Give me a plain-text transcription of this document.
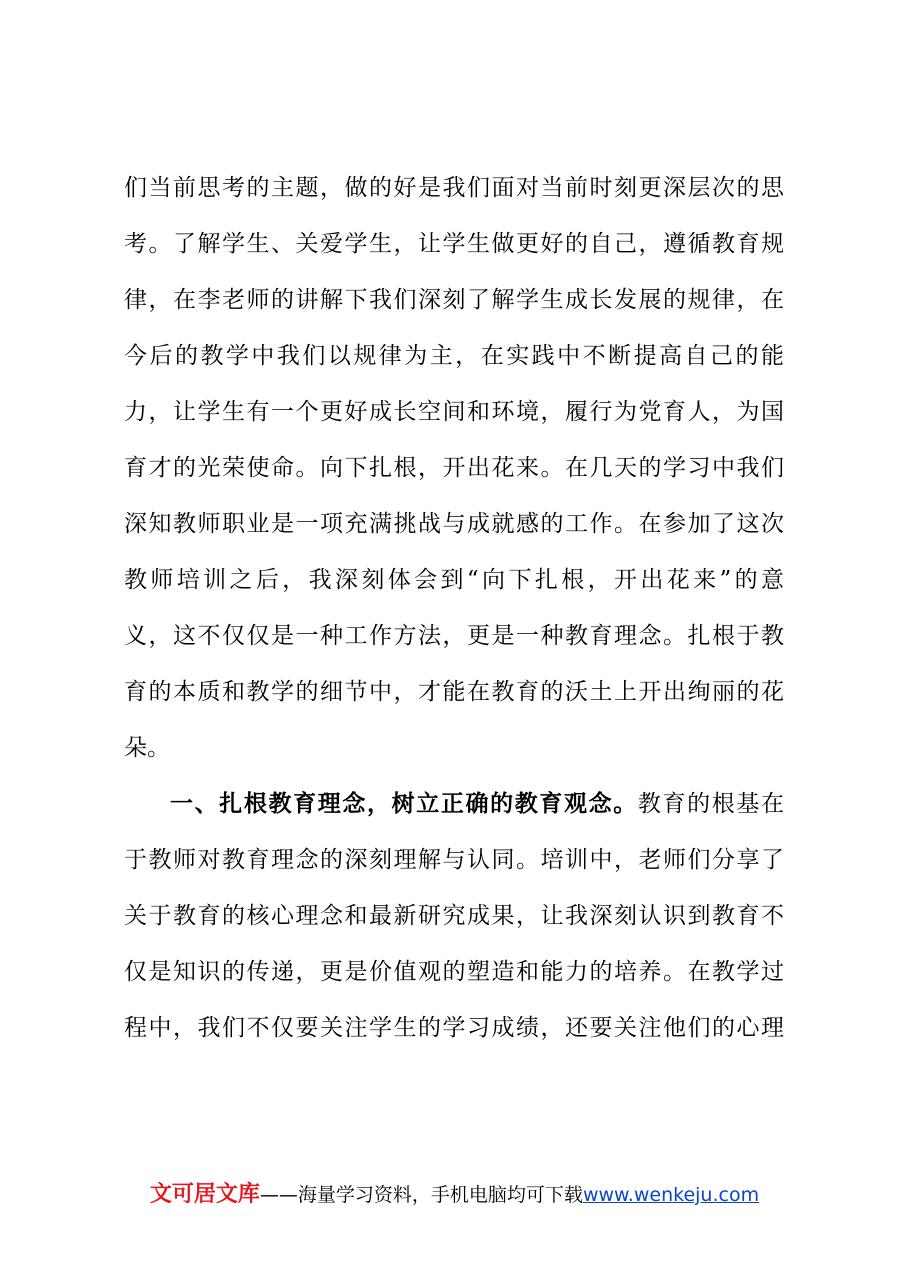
们当前思考的主题，做的好是我们面对当前时刻更深层次的思
考。了解学生、关爱学生，让学生做更好的自己，遵循教育规
律，在李老师的讲解下我们深刻了解学生成长发展的规律，在
今后的教学中我们以规律为主，在实践中不断提高自己的能
力，让学生有一个更好成长空间和环境，履行为党育人，为国
育才的光荣使命。向下扎根，开出花来。在几天的学习中我们
深知教师职业是一项充满挑战与成就感的工作。在参加了这次
教师培训之后，我深刻体会到“向下扎根，开出花来”的意
义，这不仅仅是一种工作方法，更是一种教育理念。扎根于教
育的本质和教学的细节中，才能在教育的沃土上开出绚丽的花
朵。
一、扎根教育理念，树立正确的教育观念。教育的根基在
于教师对教育理念的深刻理解与认同。培训中，老师们分享了
关于教育的核心理念和最新研究成果，让我深刻认识到教育不
仅是知识的传递，更是价值观的塑造和能力的培养。在教学过
程中，我们不仅要关注学生的学习成绩，还要关注他们的心理
文可居文库——海量学习资料，手机电脑均可下载www.wenkeju.com
